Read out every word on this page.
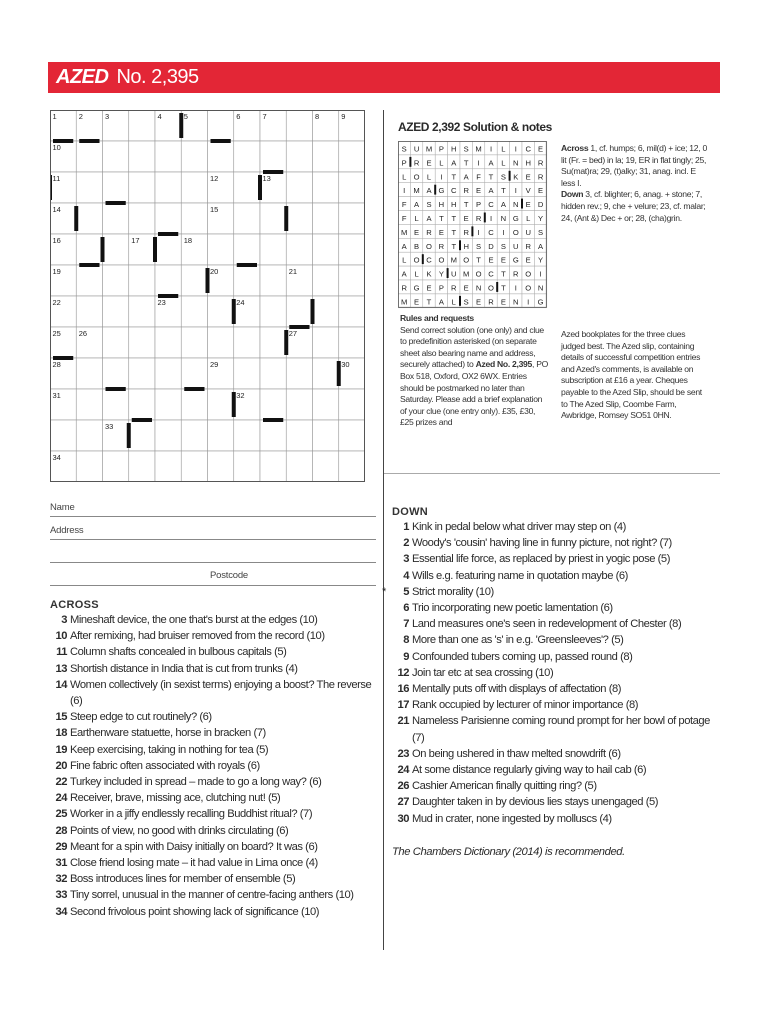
AZED No. 2,395
1	2	3	4	5	6	7	8	9
10
11	12	13
14	15
16	17	18
19	20	21
22	23	24
25 26	27
28	29	30
31	32
33
34
AZED 2,392 Solution & notes
S U M P H S M I L I C E
P R E L A T I A L N H R
L O L I T A F T S K E R
I M A G C R E A T I V E
F A S H H T P C A N E D
F L A T T E R I N G L Y
M E R E T R I C I O U S
A B O R T H S D S U R A
L O C O M O T E E G E Y
A L K Y U M O C T R O I
R G E P R E N O T I O N
M E T A L S E R E N I G
Across 1, cf. humps; 6, mil(d) + ice; 12, 0 lit (Fr. = bed) in la; 19, ER in flat tingly; 25, Su(mat)ra; 29, (t)alky; 31, anag. incl. E less I.
Down 3, cf. blighter; 6, anag. + stone; 7, hidden rev.; 9, che + velure; 23, cf. malar; 24, (Ant &) Dec + or; 28, (cha)grin.
Rules and requests
Send correct solution (one only) and clue to predefinition asterisked (on separate sheet also bearing name and address, securely attached) to Azed No. 2,395, PO Box 518, Oxford, OX2 6WX. Entries should be postmarked no later than Saturday. Please add a brief explanation of your clue (one entry only). £35, £30, £25 prizes and
Azed bookplates for the three clues judged best. The Azed slip, containing details of successful competition entries and Azed's comments, is available on subscription at £16 a year. Cheques payable to the Azed Slip, should be sent to The Azed Slip, Coombe Farm, Awbridge, Romsey SO51 0HN.
Name
Address
Postcode
ACROSS
3 Mineshaft device, the one that's burst at the edges (10)
10 After remixing, had bruiser removed from the record (10)
11 Column shafts concealed in bulbous capitals (5)
13 Shortish distance in India that is cut from trunks (4)
14 Women collectively (in sexist terms) enjoying a boost? The reverse (6)
15 Steep edge to cut routinely? (6)
18 Earthenware statuette, horse in bracken (7)
19 Keep exercising, taking in nothing for tea (5)
20 Fine fabric often associated with royals (6)
22 Turkey included in spread – made to go a long way? (6)
24 Receiver, brave, missing ace, clutching nut! (5)
25 Worker in a jiffy endlessly recalling Buddhist ritual? (7)
28 Points of view, no good with drinks circulating (6)
29 Meant for a spin with Daisy initially on board? It was (6)
31 Close friend losing mate – it had value in Lima once (4)
32 Boss introduces lines for member of ensemble (5)
33 Tiny sorrel, unusual in the manner of centre-facing anthers (10)
34 Second frivolous point showing lack of significance (10)
DOWN
1 Kink in pedal below what driver may step on (4)
2 Woody's 'cousin' having line in funny picture, not right? (7)
3 Essential life force, as replaced by priest in yogic pose (5)
4 Wills e.g. featuring name in quotation maybe (6)
*	5 Strict morality (10)
6 Trio incorporating new poetic lamentation (6)
7 Land measures one's seen in redevelopment of Chester (8)
8 More than one as 's' in e.g. 'Greensleeves'? (5)
9 Confounded tubers coming up, passed round (8)
12 Join tar etc at sea crossing (10)
16 Mentally puts off with displays of affectation (8)
17 Rank occupied by lecturer of minor importance (8)
21 Nameless Parisienne coming round prompt for her bowl of potage (7)
23 On being ushered in thaw melted snowdrift (6)
24 At some distance regularly giving way to hail cab (6)
26 Cashier American finally quitting ring? (5)
27 Daughter taken in by devious lies stays unengaged (5)
30 Mud in crater, none ingested by molluscs (4)
The Chambers Dictionary (2014) is recommended.
